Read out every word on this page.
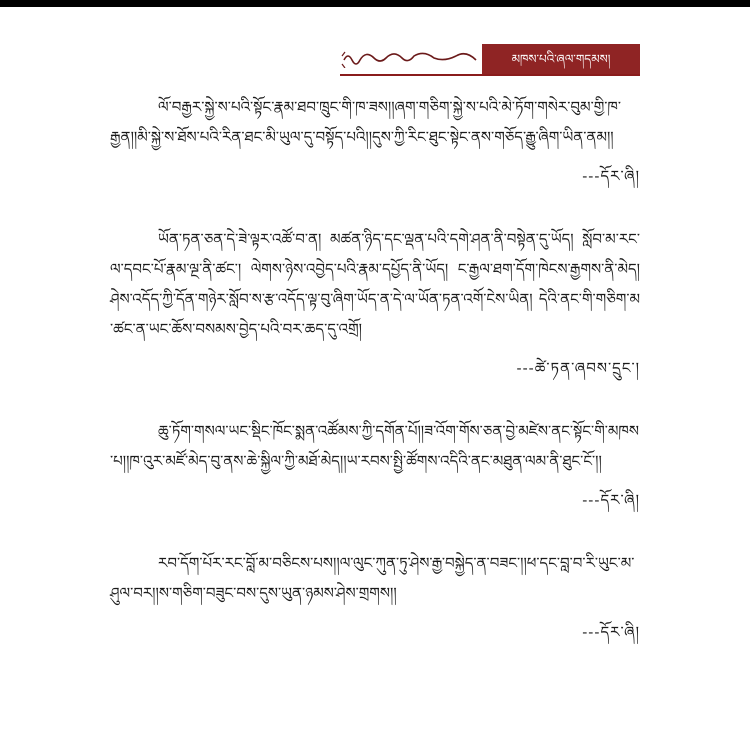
མཁས་པའི་ཞལ་གདམས།

ལོ་བརྒྱར་སྐྱེ་ས་པའི་སྟོང་རྣམ་ཐབ་ཁྲུང་གི་ཁ་ཟས།།ཞག་གཅིག་སྐྱེ་ས་པའི་མེ་ཏོག་གསེར་བུམ་གྱི་ཁ་རྒྱན།།མི་སྐྱེ་ས་ཐོས་པའི་རིན་ཐང་མི་ཡུལ་དུ་བསྟོད་པའི།།དུས་ཀྱི་རིང་ཐུང་སྟེང་ནས་གཅོད་རྒྱུ་ཞིག་ཡིན་ནམ།།

---དོར་ཞི།

ཡོན་ཏན་ཅན་དེ་ཟེ་ལྟར་འཚོ་བ་ན། མཚན་ཉིད་དང་ལྡན་པའི་དགེ་ཤན་ནི་བསྟེན་དུ་ཡོད། སློབ་མ་རང་ལ་དབང་པོ་རྣམ་ལྔ་ནི་ཚང་། ལེགས་ཉེས་འབྱེད་པའི་རྣམ་དཔྱོད་ནི་ཡོད། ང་རྒྱལ་ཐག་དོག་ཁེངས་རྒྱགས་ནི་མེད། ཤེས་འདོད་ཀྱི་དོན་གཉེར་སློབ་ས་རྩ་འདོད་ལྟ་བུ་ཞིག་ཡོད་ན་དེ་ལ་ཡོན་ཏན་འགོ་ངེས་ཡིན། དེའི་ནང་གི་གཅིག་མ་ཚང་ན་ཡང་ཆོས་བསམས་བྱེད་པའི་བར་ཆད་དུ་འགྲོ།

---ཚེ་ཏན་ཞབས་དྲུང་།

ཆུ་ཏོག་གསལ་ཡང་སྡིང་ཁོང་སྨན་འཚོམས་ཀྱི་དགོན་པོ།།ཟ་འོག་གོས་ཅན་བྱེ་མཛེས་ནང་སྟོང་གི་མཁས་པ།།ཁ་འུར་མཛོ་མེད་བུ་ནས་ཆེ་སྐྱིལ་ཀྱི་མཐོ་མེད།།ཡ་རབས་སྤྱི་ཚོགས་འདིའི་ནང་མཐུན་ལམ་ནི་ཐུང་ངོ་།།

---དོར་ཞི།

རབ་དོག་པོར་རང་བློ་མ་བཅིངས་པས།།ལ་ལུང་ཀུན་ཏུ་ཤེས་རྒྱ་བསྐྱེད་ན་བཟང་།།ཕ་དང་བླ་བ་རི་ཡུང་མ་ཤུལ་བར།།ས་གཅིག་བཟུང་བས་དུས་ཡུན་ཉམས་ཤེས་གྲགས།།

---དོར་ཞི།
